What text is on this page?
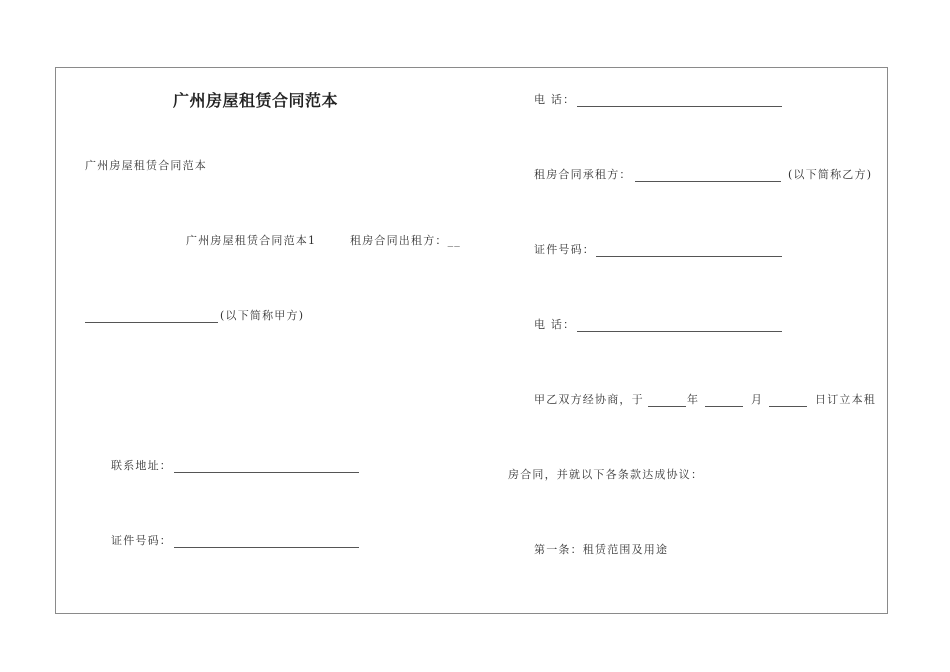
广州房屋租赁合同范本
广州房屋租赁合同范本
广州房屋租赁合同范本1	租房合同出租方：__
(以下简称甲方)
联系地址：
证件号码：
电 话：
租房合同承租方：	(以下简称乙方)
证件号码：
电 话：
甲乙双方经协商，于	年	月	日订立本租
房合同，并就以下各条款达成协议：
第一条：租赁范围及用途
